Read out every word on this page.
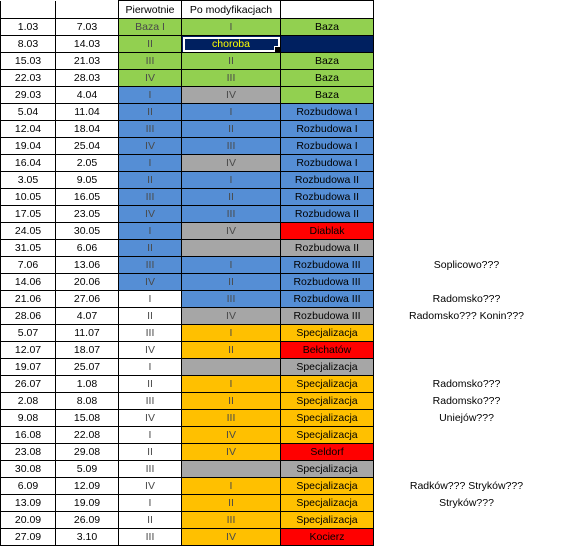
		Pierwotnie	Po modyfikacjach		
1.03	7.03	Baza I	I	Baza	
8.03	14.03	II	choroba

15.03	21.03	III	II	Baza	
22.03	28.03	IV	III	Baza	
29.03	4.04	I	IV	Baza	
5.04	11.04	II	I	Rozbudowa I	
12.04	18.04	III	II	Rozbudowa I	
19.04	25.04	IV	III	Rozbudowa I	
16.04	2.05	I	IV	Rozbudowa I	
3.05	9.05	II	I	Rozbudowa II	
10.05	16.05	III	II	Rozbudowa II	
17.05	23.05	IV	III	Rozbudowa II	
24.05	30.05	I	IV	Diablak	
31.05	6.06	II		Rozbudowa II	
7.06	13.06	III	I	Rozbudowa III	Soplicowo???
14.06	20.06	IV	II	Rozbudowa III	
21.06	27.06	I	III	Rozbudowa III	Radomsko???
28.06	4.07	II	IV	Rozbudowa III	Radomsko??? Konin???
5.07	11.07	III	I	Specjalizacja	
12.07	18.07	IV	II	Bełchatów	
19.07	25.07	I		Specjalizacja	
26.07	1.08	II	I	Specjalizacja	Radomsko???
2.08	8.08	III	II	Specjalizacja	Radomsko???
9.08	15.08	IV	III	Specjalizacja	Uniejów???
16.08	22.08	I	IV	Specjalizacja	
23.08	29.08	II	IV	Seldorf	
30.08	5.09	III		Specjalizacja	
6.09	12.09	IV	I	Specjalizacja	Radków??? Stryków???
13.09	19.09	I	II	Specjalizacja	Stryków???
20.09	26.09	II	III	Specjalizacja	
27.09	3.10	III	IV	Kocierz	
